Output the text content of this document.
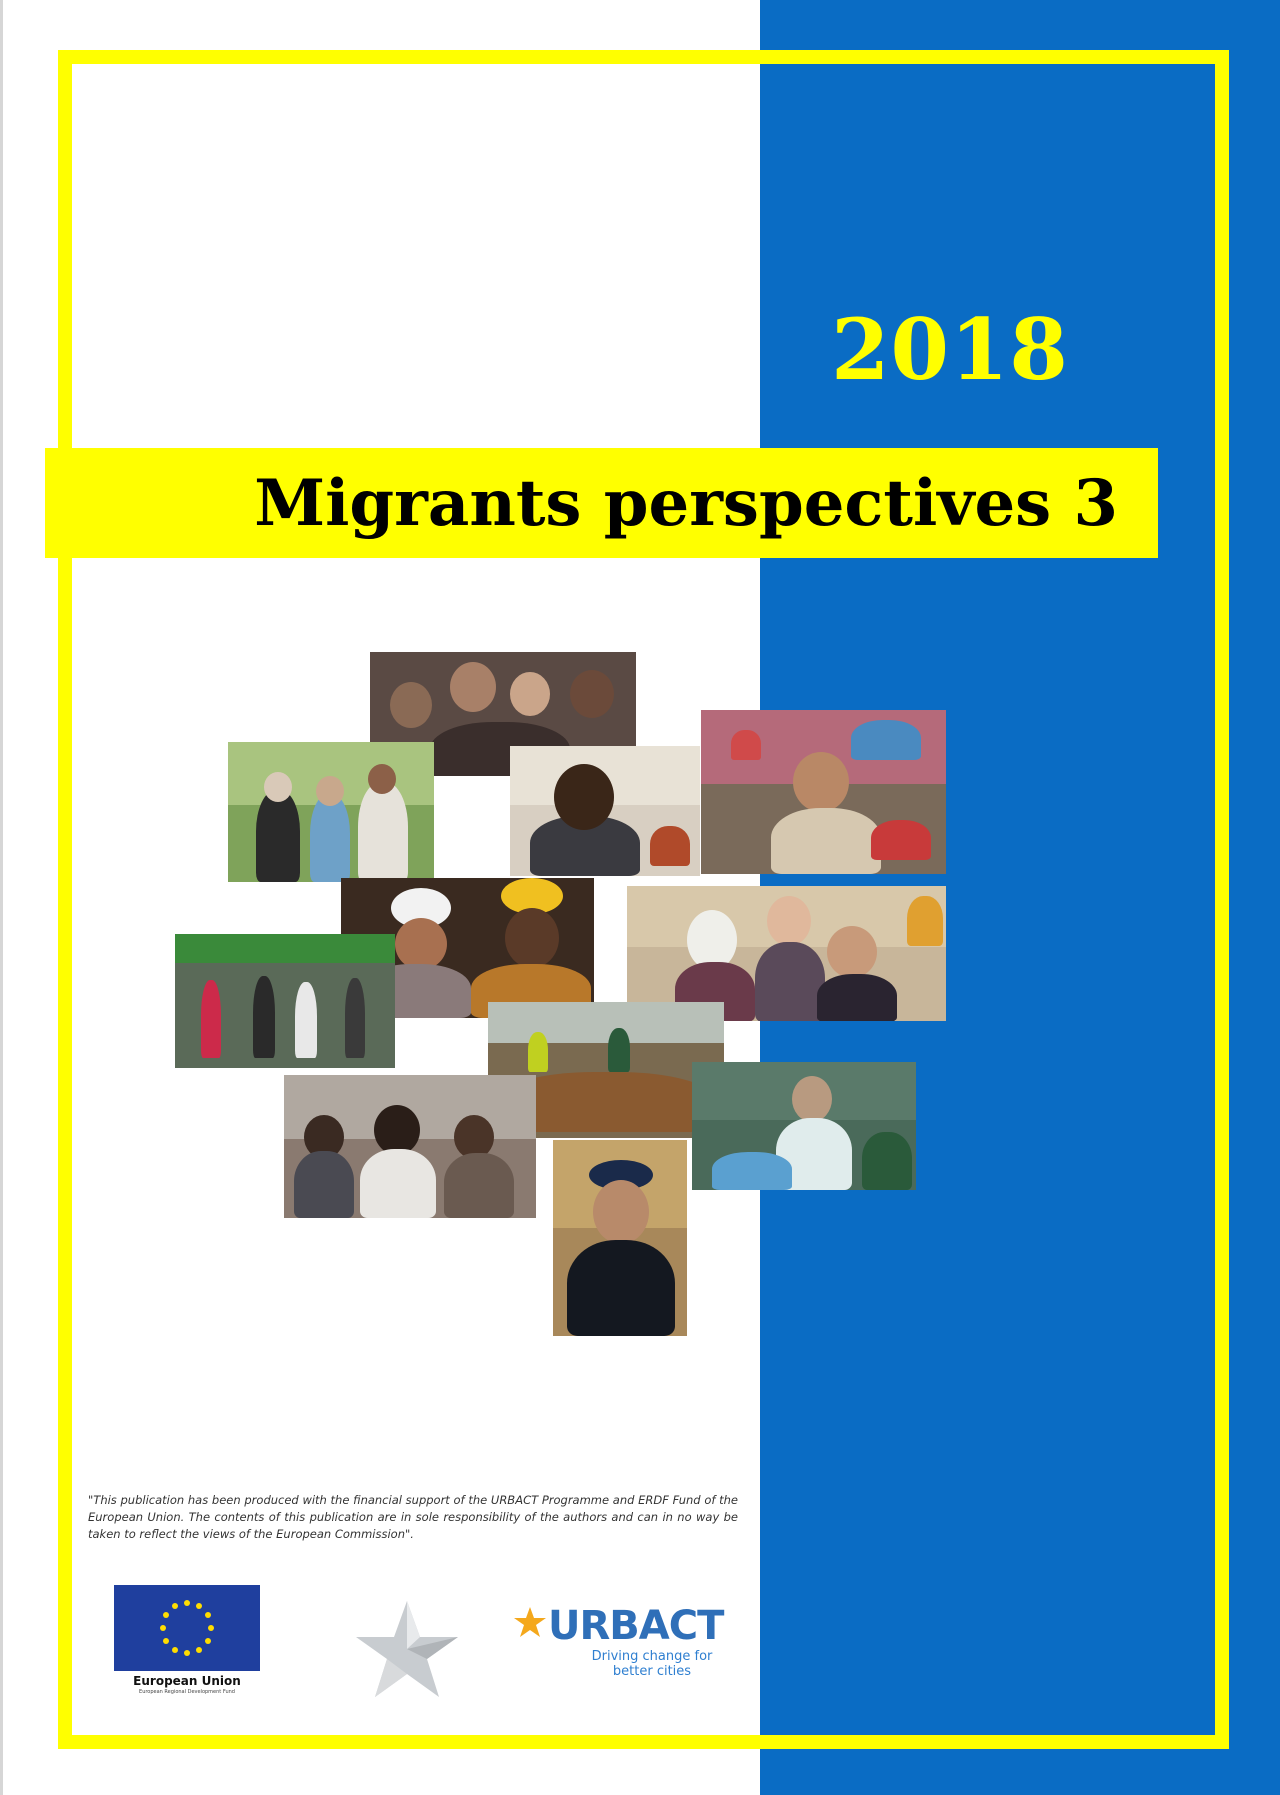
2018
Migrants perspectives 3
"This publication has been produced with the financial support of the URBACT Programme and ERDF Fund of the European Union. The contents of this publication are in sole responsibility of the authors and can in no way be taken to reflect the views of the European Commission".
European Union
European Regional Development Fund
URBACT
Driving change for better cities
